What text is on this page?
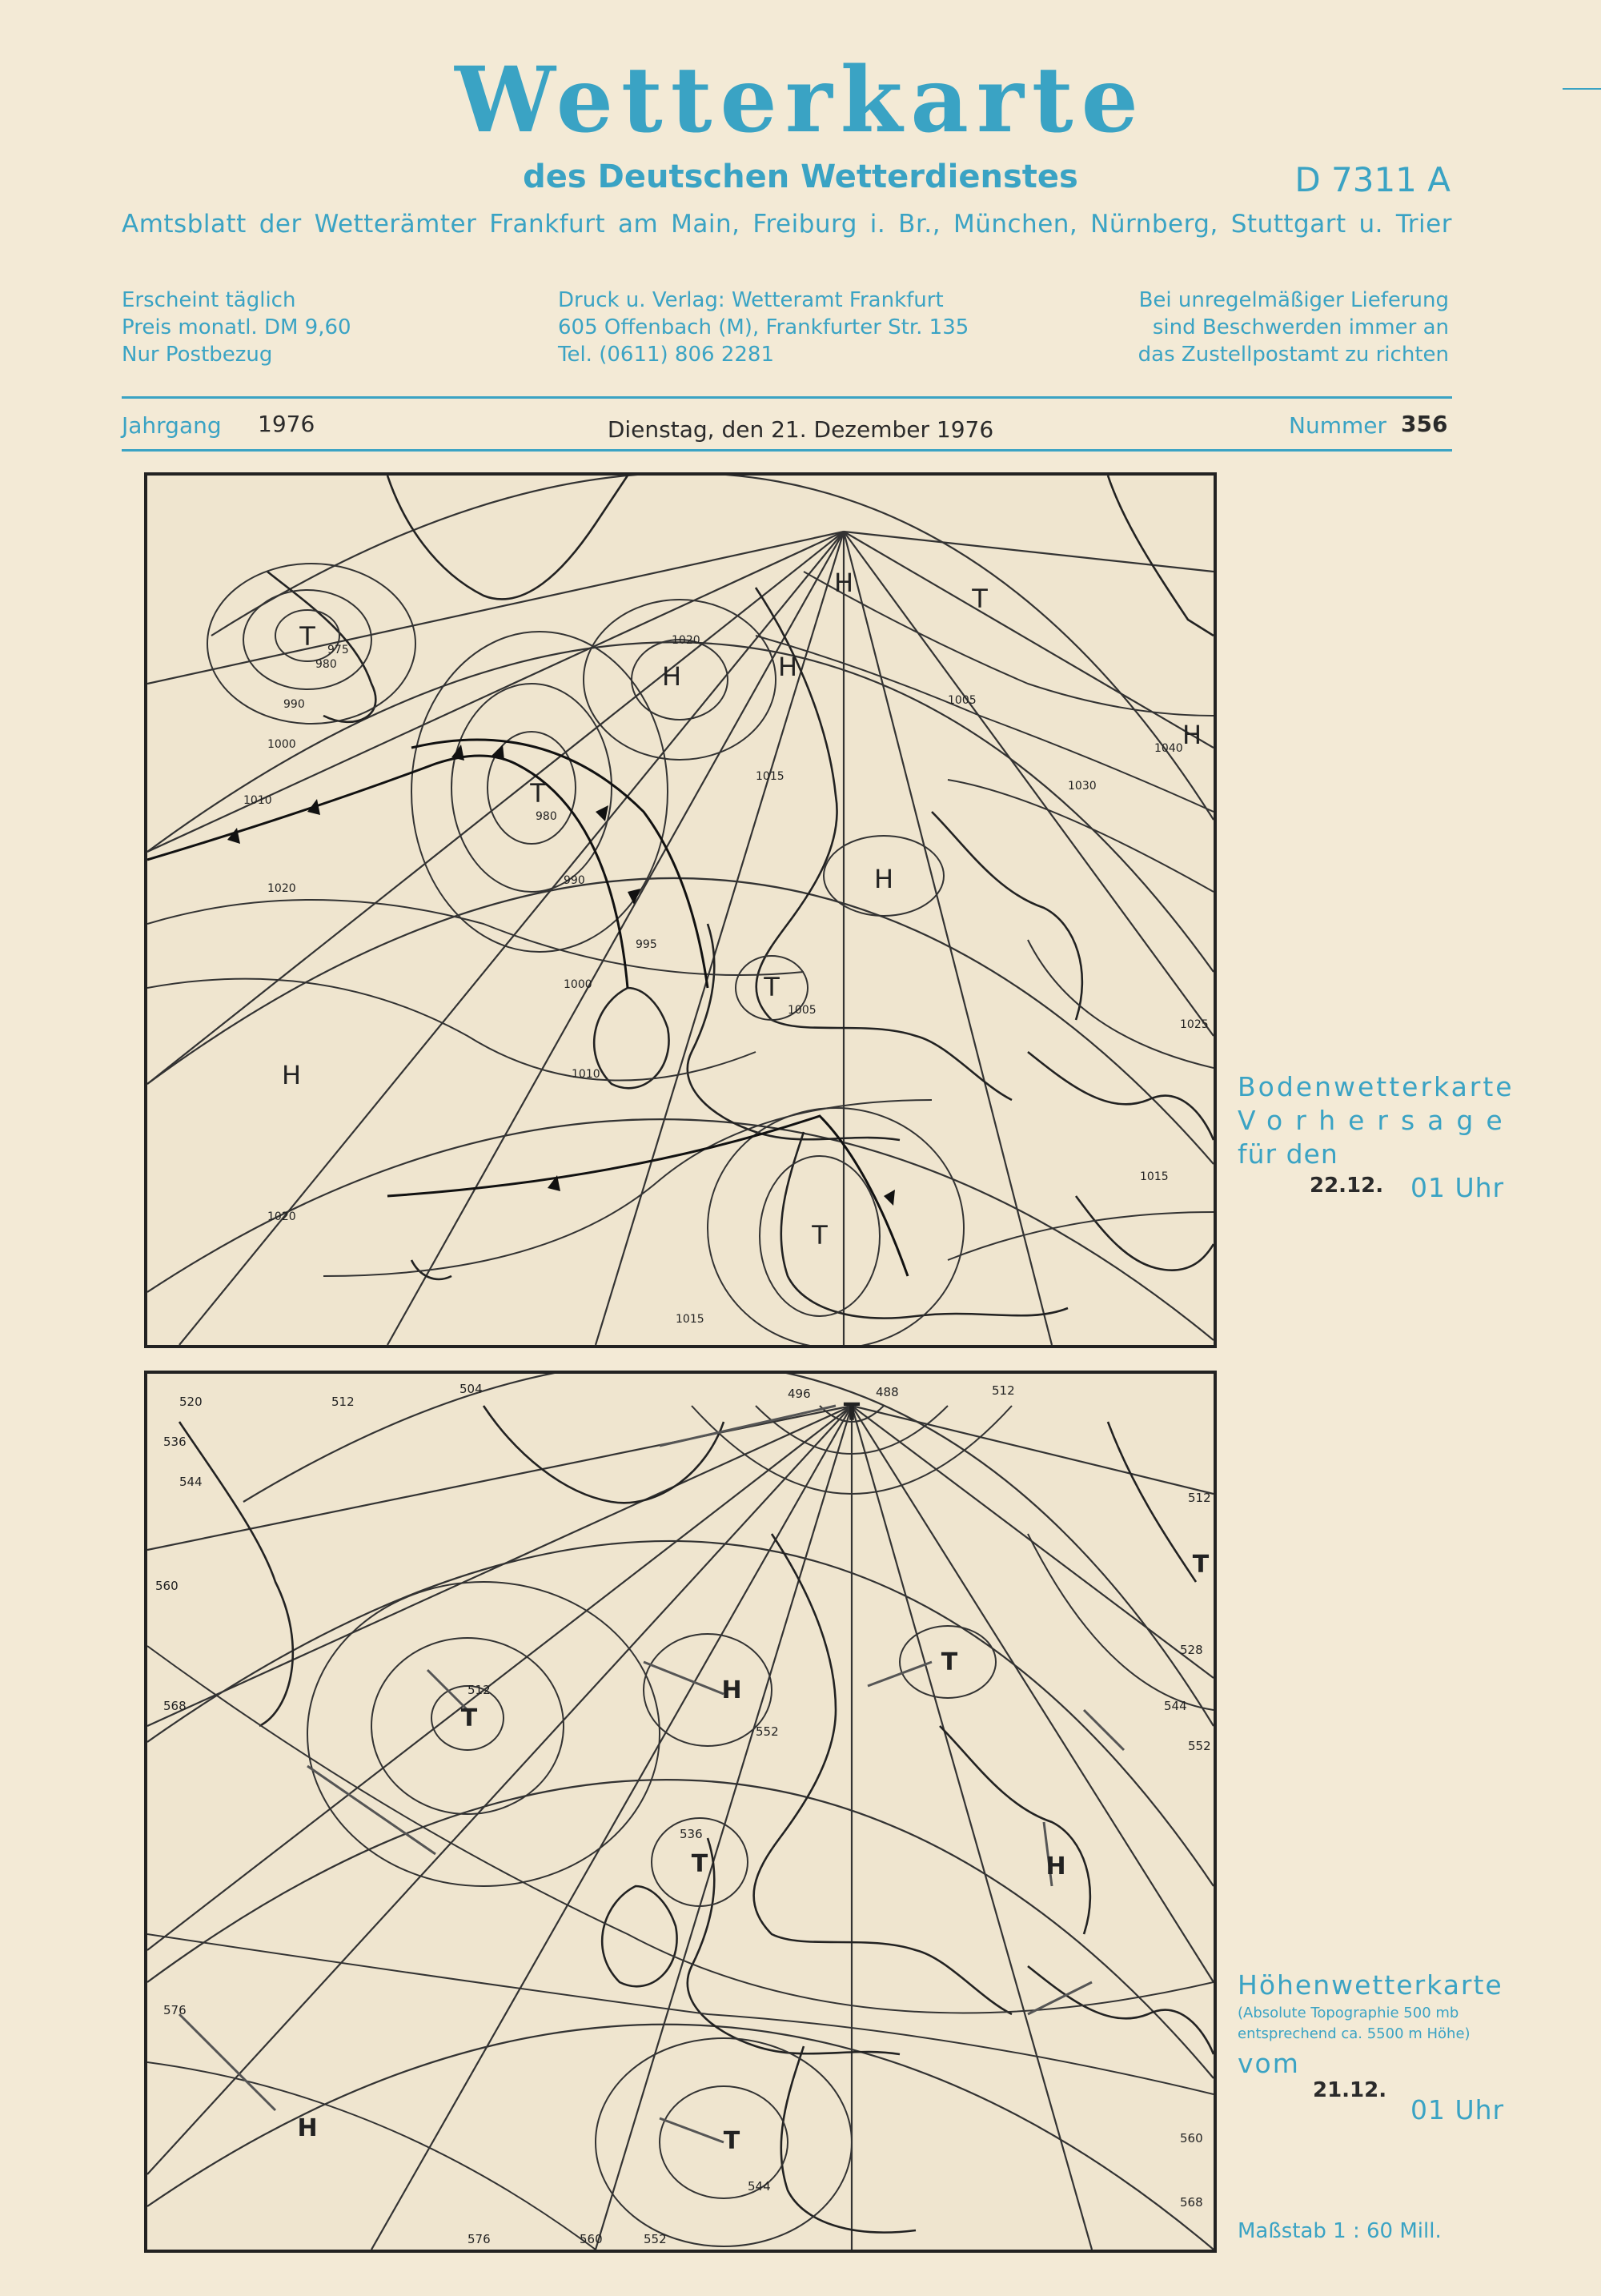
Wetterkarte
des Deutschen Wetterdienstes	D 7311 A
Amtsblatt der Wetterämter Frankfurt am Main, Freiburg i. Br., München, Nürnberg, Stuttgart u. Trier
Erscheint täglich
Preis monatl. DM 9,60
Nur Postbezug
Druck u. Verlag: Wetteramt Frankfurt
605 Offenbach (M), Frankfurter Str. 135
Tel. (0611) 806 2281
Bei unregelmäßiger Lieferung
sind Beschwerden immer an
das Zustellpostamt zu richten
Jahrgang 1976	Dienstag, den 21. Dezember 1976	Nummer 356
T
T
H
H
T
H
H
T
H
T
H
1020
1015
1015
1010
1010
1005
1005
1000
1000
995
990
990
980
980
975
1025
1030
1040
1015
1020
1020
Bodenwetterkarte
Vorhersage
für den
22.12. 01 Uhr
T
T
H
T
T	H
H	T
T
496	488
504
512
512
512
512
520
528
536
536
544
544
544
552
552
552
560
560
560
568
568
576
576
Höhenwetterkarte
(Absolute Topographie 500 mb entsprechend ca. 5500 m Höhe)
vom
21.12.
01 Uhr
Maßstab 1 : 60 Mill.
